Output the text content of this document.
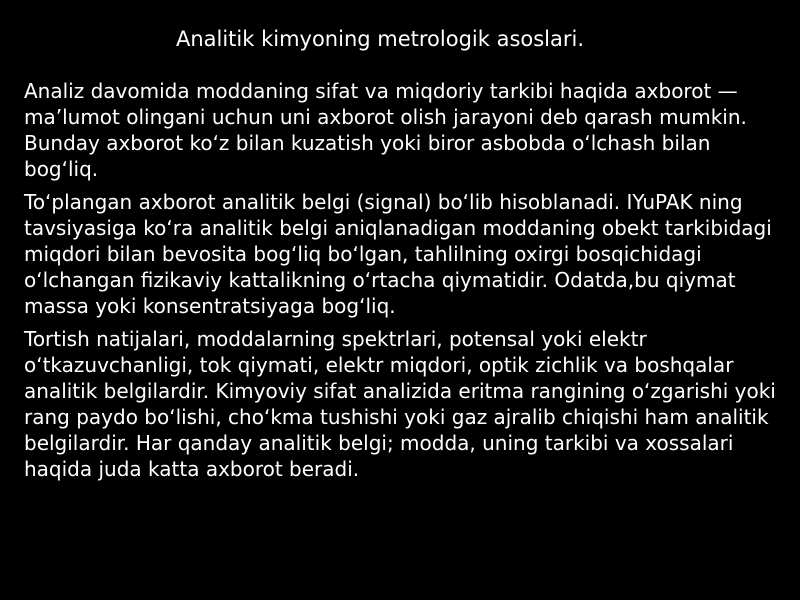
Analitik kimyoning metrologik asoslari.

Analiz davomida moddaning sifat va miqdoriy tarkibi haqida axborot — ma’lumot olingani uchun uni axborot olish jarayoni deb qarash mumkin. Bunday axborot koʻz bilan kuzatish yoki biror asbobda oʻlchash bilan bogʻliq.

Toʻplangan axborot analitik belgi (signal) boʻlib hisoblanadi. IYuPAK ning tavsiyasiga koʻra analitik belgi aniqlanadigan moddaning obekt tarkibidagi miqdori bilan bevosita bogʻliq boʻlgan, tahlilning oxirgi bosqichidagi oʻlchangan fizikaviy kattalikning oʻrtacha qiymatidir. Odatda,bu qiymat massa yoki konsentratsiyaga bogʻliq.

Tortish natijalari, moddalarning spektrlari, potensal yoki elektr oʻtkazuvchanligi, tok qiymati, elektr miqdori, optik zichlik va boshqalar analitik belgilardir. Kimyoviy sifat analizida eritma rangining oʻzgarishi yoki rang paydo boʻlishi, choʻkma tushishi yoki gaz ajralib chiqishi ham analitik belgilardir. Har qanday analitik belgi; modda, uning tarkibi va xossalari haqida juda katta axborot beradi.
